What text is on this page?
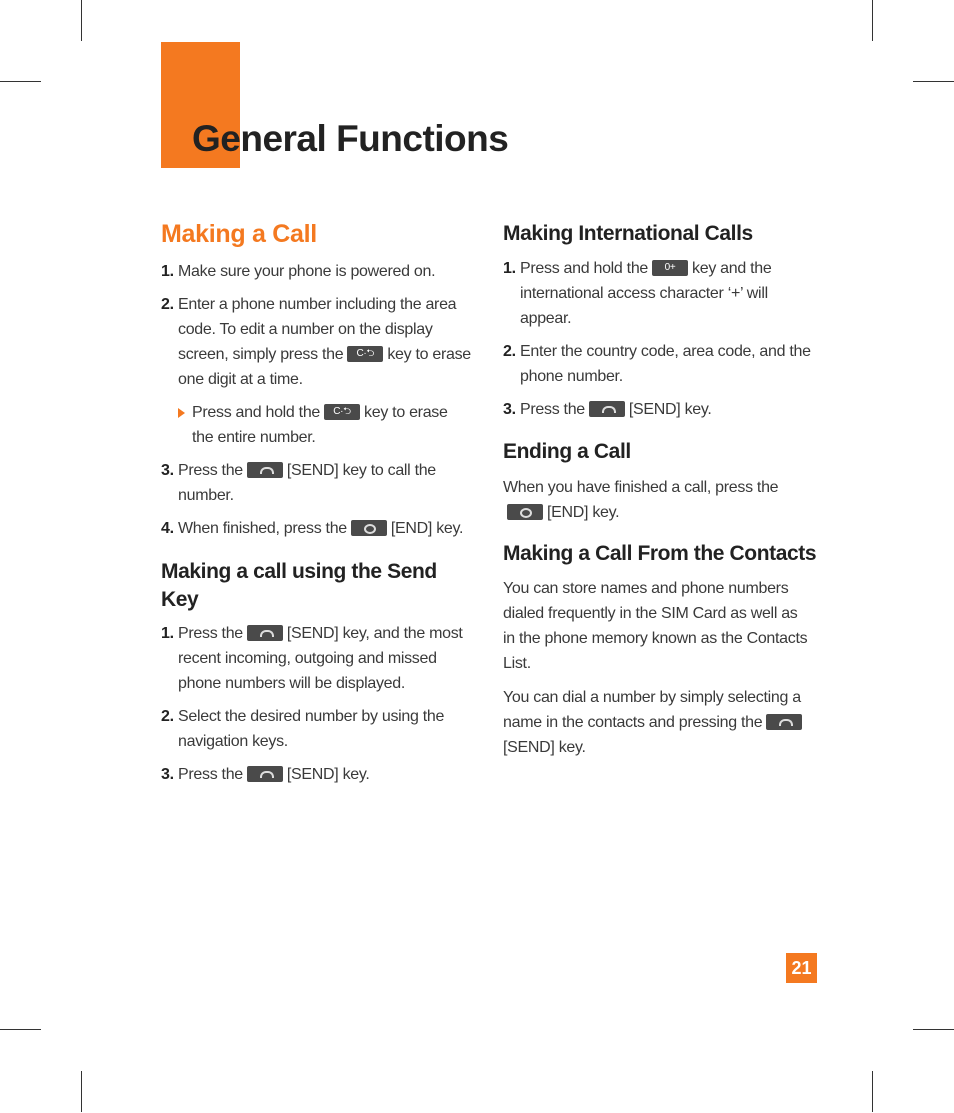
General Functions
Making a Call
1. Make sure your phone is powered on.
2. Enter a phone number including the area code. To edit a number on the display screen, simply press the C·⮌ key to erase one digit at a time.
Press and hold the C·⮌ key to erase the entire number.
3. Press the	[SEND] key to call the number.
4. When finished, press the	[END] key.
Making a call using the Send Key
1. Press the	[SEND] key, and the most recent incoming, outgoing and missed phone numbers will be displayed.
2. Select the desired number by using the navigation keys.
3. Press the	[SEND] key.
Making International Calls
1. Press and hold the 0+ key and the international access character ‘+’ will appear.
2. Enter the country code, area code, and the phone number.
3. Press the	[SEND] key.
Ending a Call

When you have finished a call, press the[END] key.

Making a Call From the Contacts

You can store names and phone numbers dialed frequently in the SIM Card as well as in the phone memory known as the Contacts List.

You can dial a number by simply selecting a name in the contacts and pressing the[SEND] key.

21
